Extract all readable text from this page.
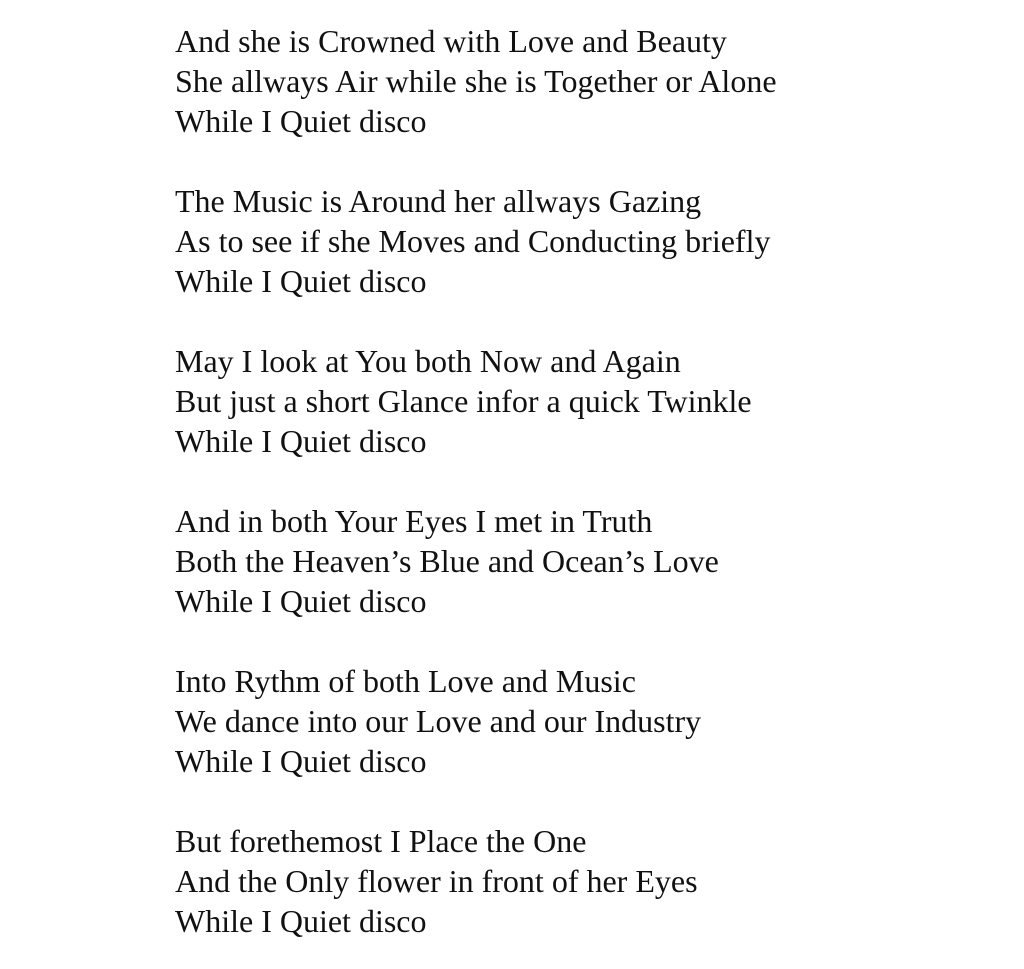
And she is Crowned with Love and Beauty
She allways Air while she is Together or Alone
While I Quiet disco
The Music is Around her allways Gazing
As to see if she Moves and Conducting briefly
While I Quiet disco
May I look at You both Now and Again
But just a short Glance infor a quick Twinkle
While I Quiet disco
And in both Your Eyes I met in Truth
Both the Heaven’s Blue and Ocean’s Love
While I Quiet disco
Into Rythm of both Love and Music
We dance into our Love and our Industry
While I Quiet disco
But forethemost I Place the One
And the Only flower in front of her Eyes
While I Quiet disco
